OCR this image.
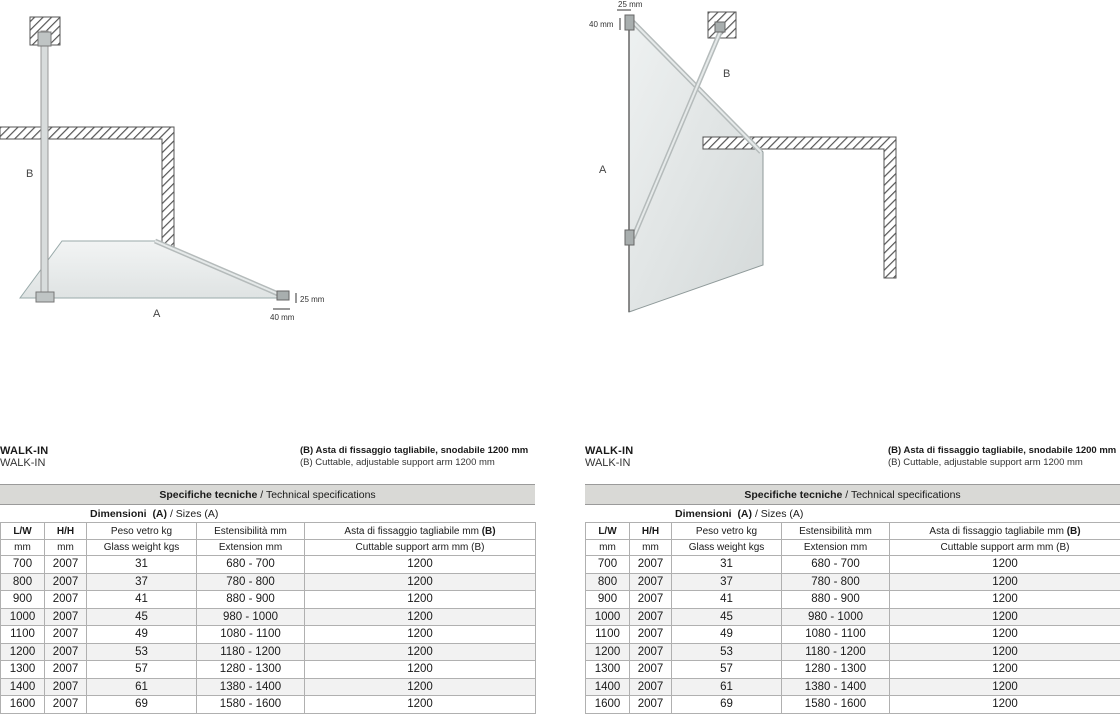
B
A
25 mm
40 mm
WALK-IN
WALK-IN
(B) Asta di fissaggio tagliabile, snodabile 1200 mm
(B) Cuttable, adjustable support arm 1200 mm
Specifiche tecniche / Technical specifications
Dimensioni (A) / Sizes (A)
L/W	H/H	Peso vetro kg	Estensibilità mm	Asta di fissaggio tagliabile mm (B)
mm	mm	Glass weight kgs	Extension mm	Cuttable support arm mm (B)
700	2007	31	680 - 700	1200
800	2007	37	780 - 800	1200
900	2007	41	880 - 900	1200
1000	2007	45	980 - 1000	1200
1100	2007	49	1080 - 1100	1200
1200	2007	53	1180 - 1200	1200
1300	2007	57	1280 - 1300	1200
1400	2007	61	1380 - 1400	1200
1600	2007	69	1580 - 1600	1200
B
A
25 mm
40 mm
WALK-IN
WALK-IN
(B) Asta di fissaggio tagliabile, snodabile 1200 mm
(B) Cuttable, adjustable support arm 1200 mm
Specifiche tecniche / Technical specifications
Dimensioni (A) / Sizes (A)
L/W	H/H	Peso vetro kg	Estensibilità mm	Asta di fissaggio tagliabile mm (B)
mm	mm	Glass weight kgs	Extension mm	Cuttable support arm mm (B)
700	2007	31	680 - 700	1200
800	2007	37	780 - 800	1200
900	2007	41	880 - 900	1200
1000	2007	45	980 - 1000	1200
1100	2007	49	1080 - 1100	1200
1200	2007	53	1180 - 1200	1200
1300	2007	57	1280 - 1300	1200
1400	2007	61	1380 - 1400	1200
1600	2007	69	1580 - 1600	1200
